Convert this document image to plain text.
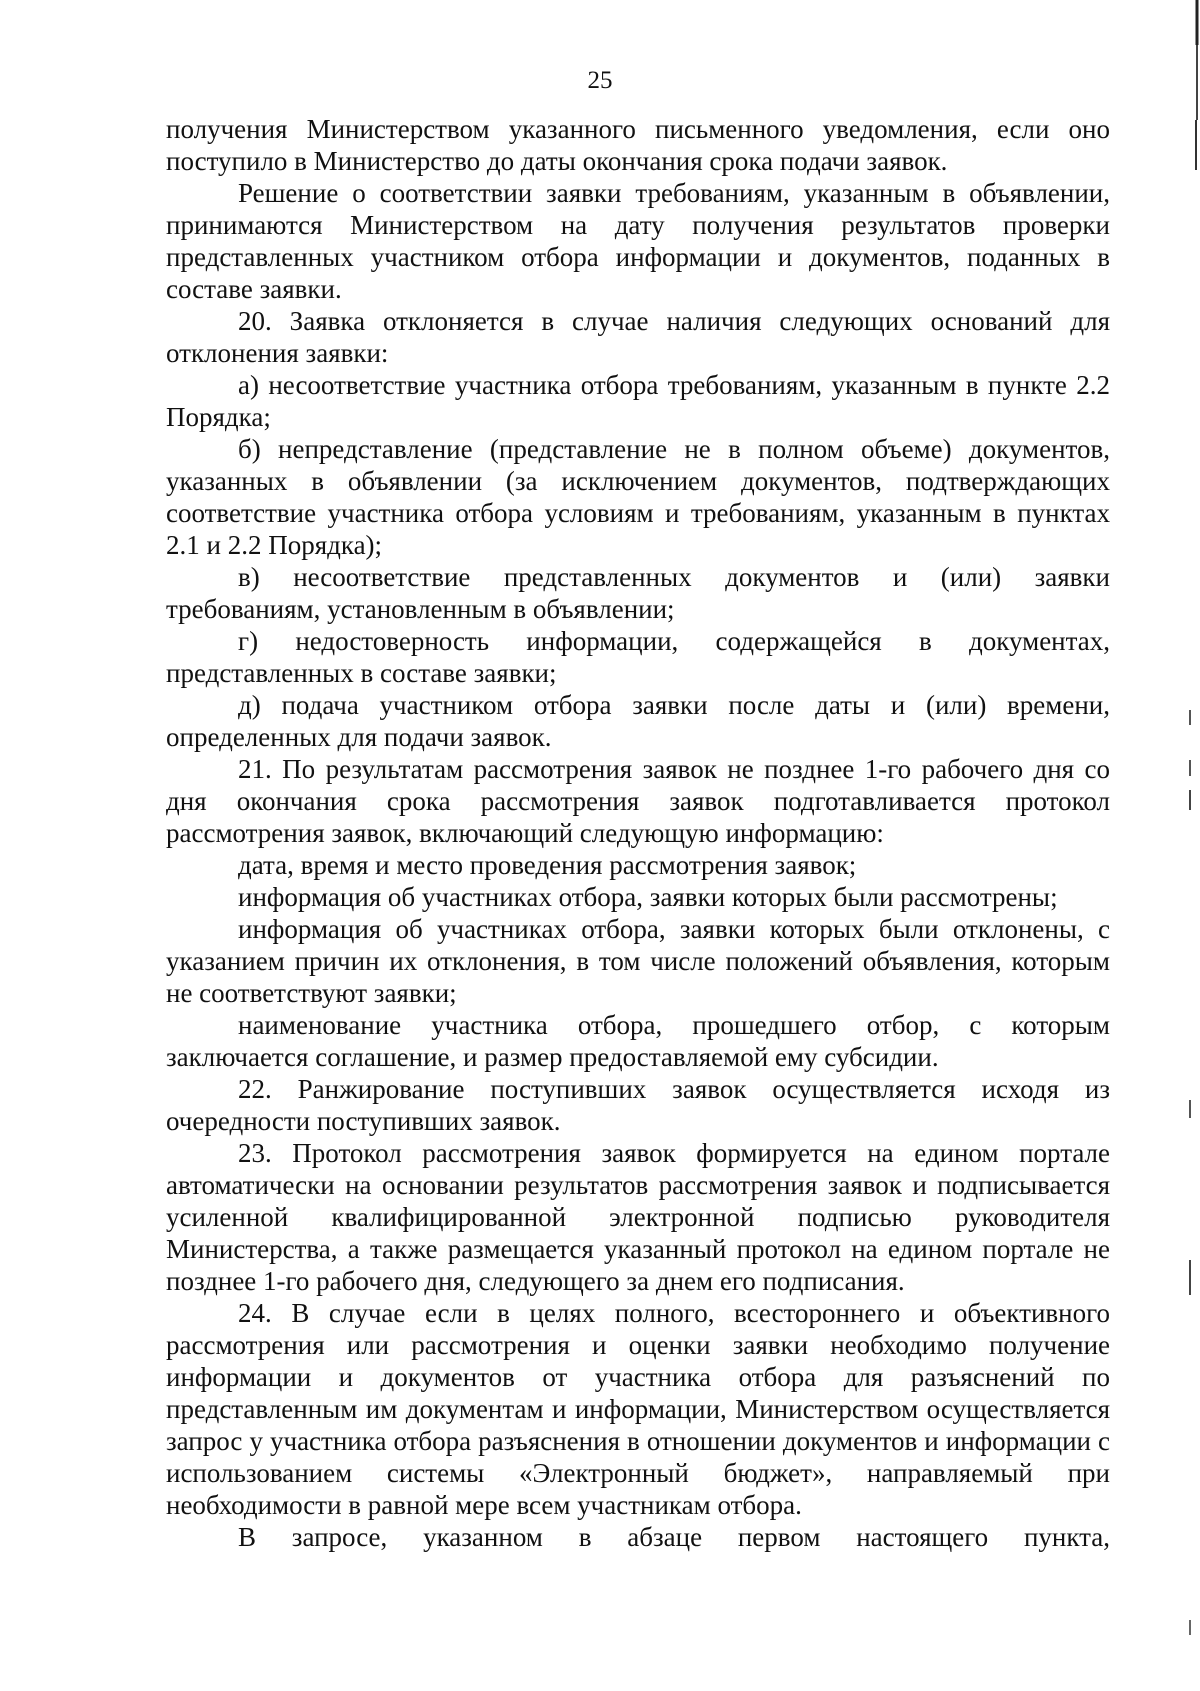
25

получения Министерством указанного письменного уведомления, если оно поступило в Министерство до даты окончания срока подачи заявок.

Решение о соответствии заявки требованиям, указанным в объявлении, принимаются Министерством на дату получения результатов проверки представленных участником отбора информации и документов, поданных в составе заявки.

20. Заявка отклоняется в случае наличия следующих оснований для отклонения заявки:

а) несоответствие участника отбора требованиям, указанным в пункте 2.2 Порядка;

б) непредставление (представление не в полном объеме) документов, указанных в объявлении (за исключением документов, подтверждающих соответствие участника отбора условиям и требованиям, указанным в пунктах 2.1 и 2.2 Порядка);

в) несоответствие представленных документов и (или) заявки требованиям, установленным в объявлении;

г) недостоверность информации, содержащейся в документах, представленных в составе заявки;

д) подача участником отбора заявки после даты и (или) времени, определенных для подачи заявок.

21. По результатам рассмотрения заявок не позднее 1-го рабочего дня со дня окончания срока рассмотрения заявок подготавливается протокол рассмотрения заявок, включающий следующую информацию:

дата, время и место проведения рассмотрения заявок;

информация об участниках отбора, заявки которых были рассмотрены;

информация об участниках отбора, заявки которых были отклонены, с указанием причин их отклонения, в том числе положений объявления, которым не соответствуют заявки;

наименование участника отбора, прошедшего отбор, с которым заключается соглашение, и размер предоставляемой ему субсидии.

22. Ранжирование поступивших заявок осуществляется исходя из очередности поступивших заявок.

23. Протокол рассмотрения заявок формируется на едином портале автоматически на основании результатов рассмотрения заявок и подписывается усиленной квалифицированной электронной подписью руководителя Министерства, а также размещается указанный протокол на едином портале не позднее 1-го рабочего дня, следующего за днем его подписания.

24. В случае если в целях полного, всестороннего и объективного рассмотрения или рассмотрения и оценки заявки необходимо получение информации и документов от участника отбора для разъяснений по представленным им документам и информации, Министерством осуществляется запрос у участника отбора разъяснения в отношении документов и информации с использованием системы «Электронный бюджет», направляемый при необходимости в равной мере всем участникам отбора.

В запросе, указанном в абзаце первом настоящего пункта,
